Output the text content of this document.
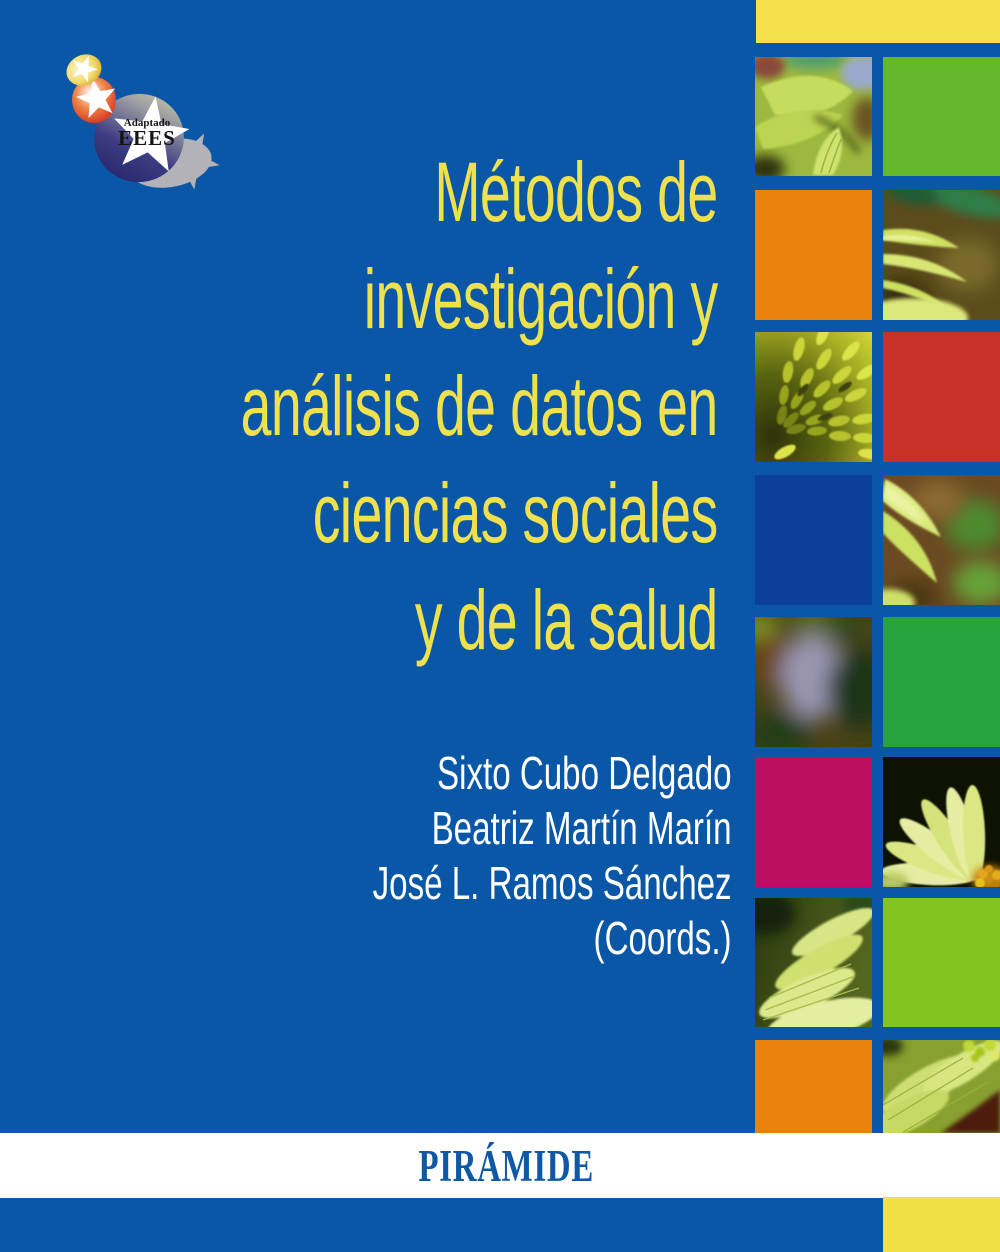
Adaptado
EEES
Métodos de
investigación y
análisis de datos en
ciencias sociales
y de la salud
Sixto Cubo Delgado
Beatriz Martín Marín
José L. Ramos Sánchez
(Coords.)
PIRÁMIDE
